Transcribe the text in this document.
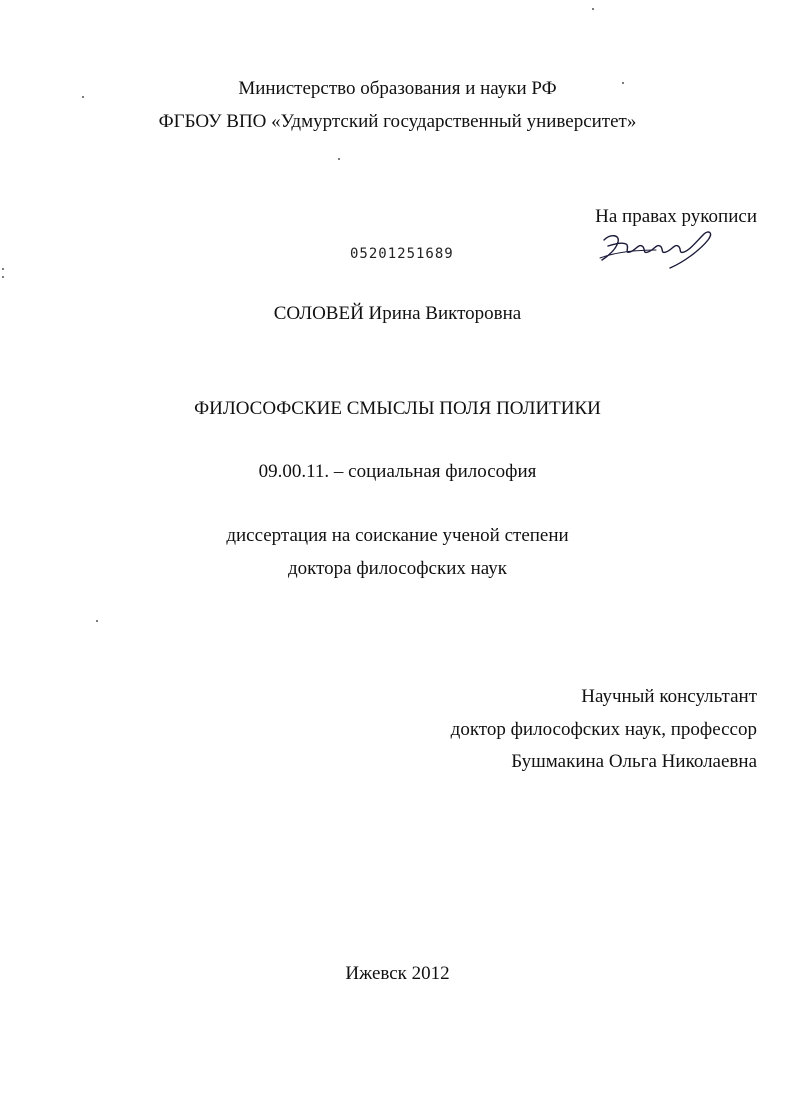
Министерство образования и науки РФ
ФГБОУ ВПО «Удмуртский государственный университет»
На правах рукописи
05201251689
СОЛОВЕЙ Ирина Викторовна
ФИЛОСОФСКИЕ СМЫСЛЫ ПОЛЯ ПОЛИТИКИ
09.00.11. – социальная философия
диссертация на соискание ученой степени
доктора философских наук
Научный консультант
доктор философских наук, профессор
Бушмакина Ольга Николаевна
Ижевск 2012
